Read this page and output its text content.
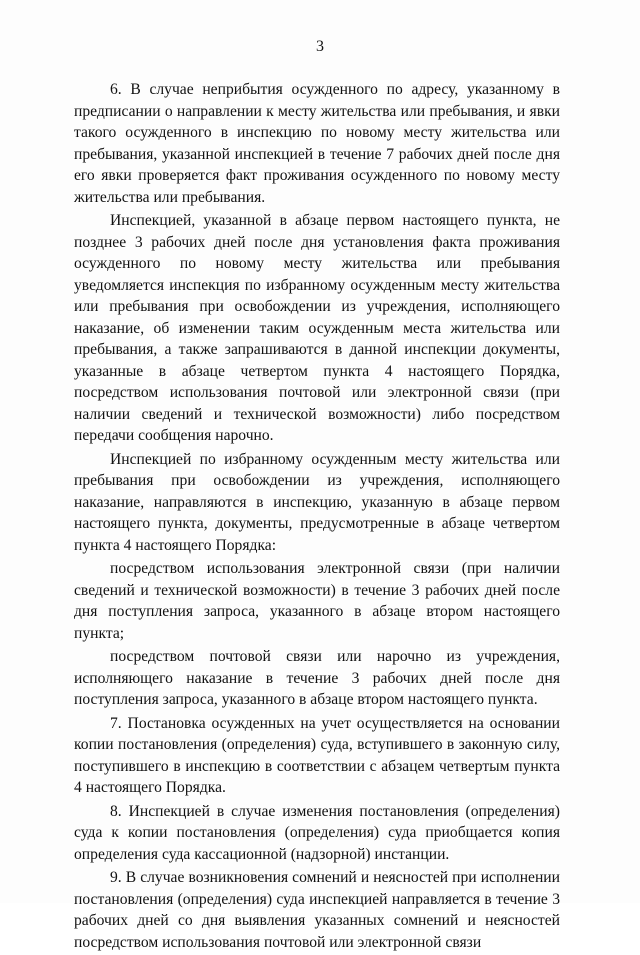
3

6. В случае неприбытия осужденного по адресу, указанному в предписании о направлении к месту жительства или пребывания, и явки такого осужденного в инспекцию по новому месту жительства или пребывания, указанной инспекцией в течение 7 рабочих дней после дня его явки проверяется факт проживания осужденного по новому месту жительства или пребывания.

Инспекцией, указанной в абзаце первом настоящего пункта, не позднее 3 рабочих дней после дня установления факта проживания осужденного по новому месту жительства или пребывания уведомляется инспекция по избранному осужденным месту жительства или пребывания при освобождении из учреждения, исполняющего наказание, об изменении таким осужденным места жительства или пребывания, а также запрашиваются в данной инспекции документы, указанные в абзаце четвертом пункта 4 настоящего Порядка, посредством использования почтовой или электронной связи (при наличии сведений и технической возможности) либо посредством передачи сообщения нарочно.

Инспекцией по избранному осужденным месту жительства или пребывания при освобождении из учреждения, исполняющего наказание, направляются в инспекцию, указанную в абзаце первом настоящего пункта, документы, предусмотренные в абзаце четвертом пункта 4 настоящего Порядка:

посредством использования электронной связи (при наличии сведений и технической возможности) в течение 3 рабочих дней после дня поступления запроса, указанного в абзаце втором настоящего пункта;

посредством почтовой связи или нарочно из учреждения, исполняющего наказание в течение 3 рабочих дней после дня поступления запроса, указанного в абзаце втором настоящего пункта.

7. Постановка осужденных на учет осуществляется на основании копии постановления (определения) суда, вступившего в законную силу, поступившего в инспекцию в соответствии с абзацем четвертым пункта 4 настоящего Порядка.

8. Инспекцией в случае изменения постановления (определения) суда к копии постановления (определения) суда приобщается копия определения суда кассационной (надзорной) инстанции.

9. В случае возникновения сомнений и неясностей при исполнении постановления (определения) суда инспекцией направляется в течение 3 рабочих дней со дня выявления указанных сомнений и неясностей посредством использования почтовой или электронной связи
